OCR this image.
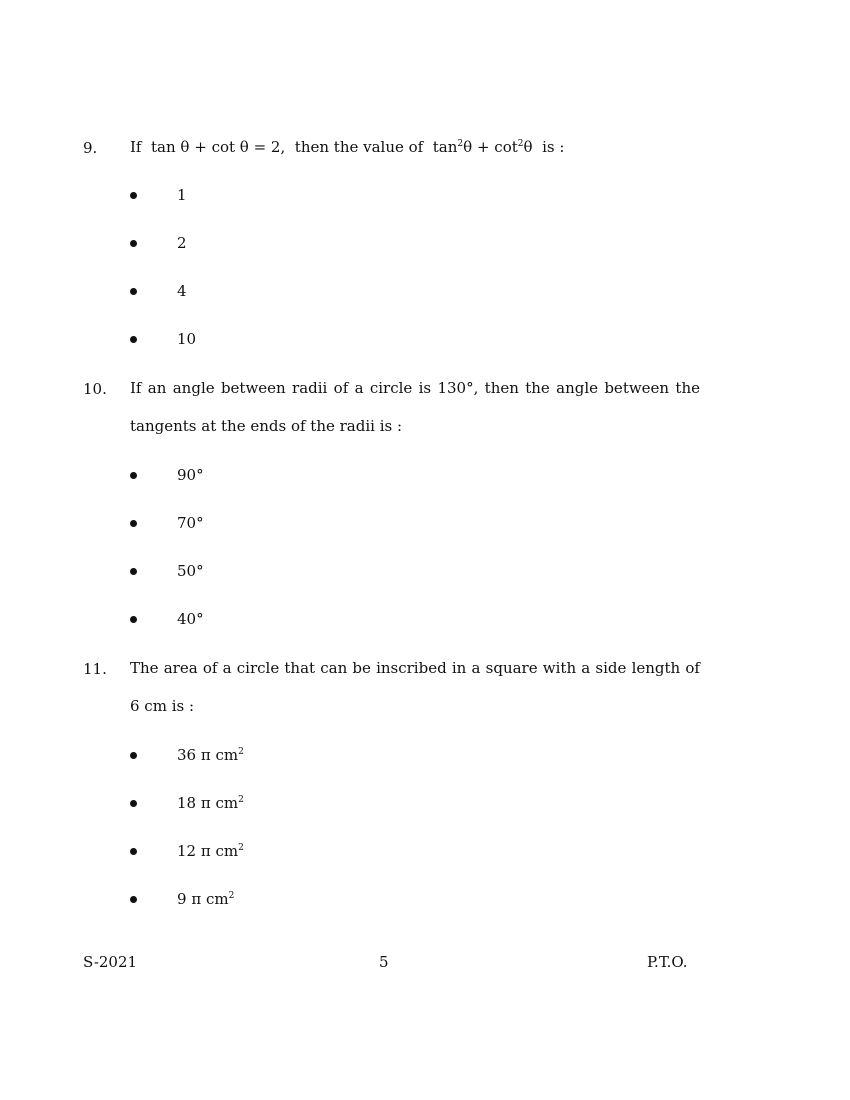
9. If tan θ + cot θ = 2, then the value of $\tan^2\theta + \cot^2\theta$ is :
1
2
4
10
10. If an angle between radii of a circle is 130°, then the angle between the tangents at the ends of the radii is :
90°
70°
50°
40°
11. The area of a circle that can be inscribed in a square with a side length of 6 cm is :
36 π $cm^2$
18 π $cm^2$
12 π $cm^2$
9 π $cm^2$
S-2021	5	P.T.O.
